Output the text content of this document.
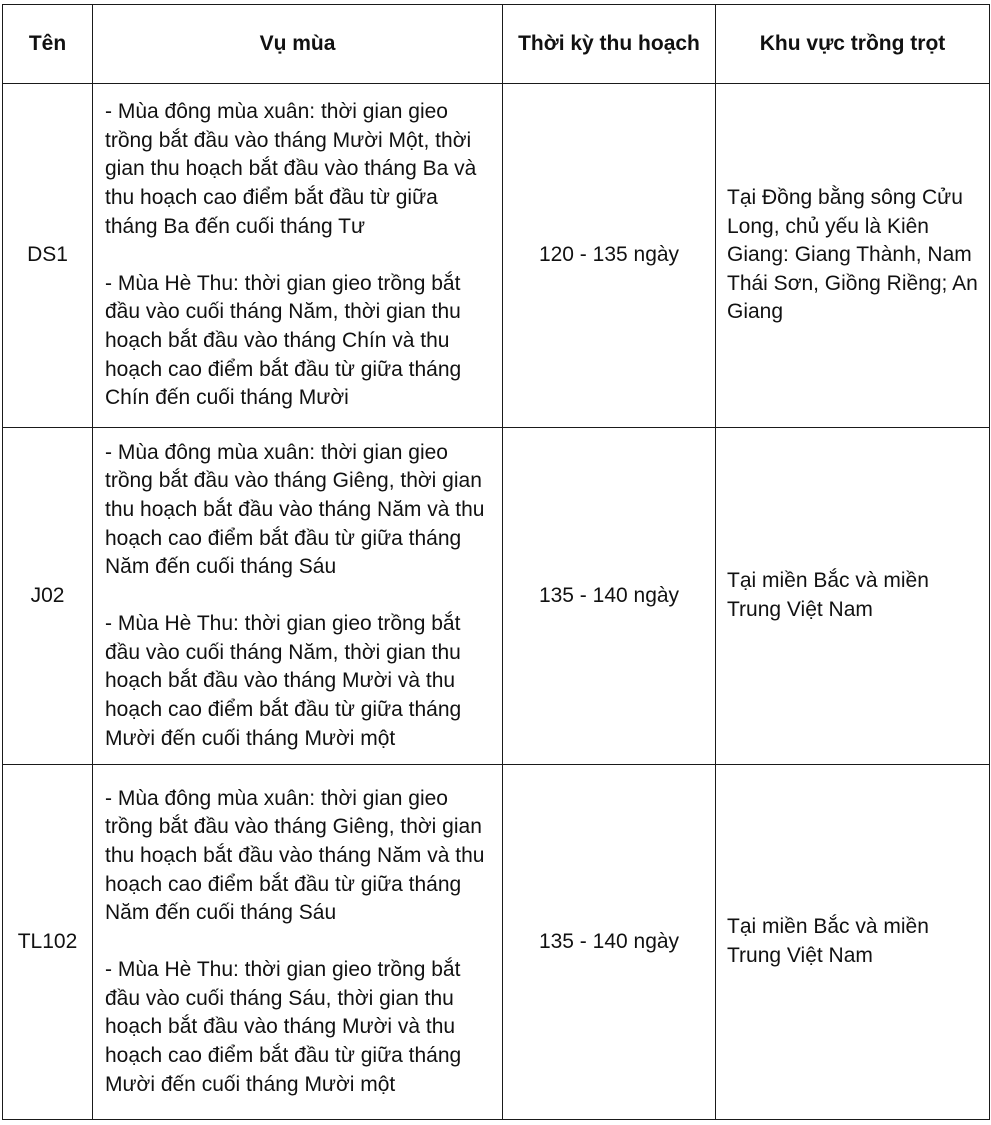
Tên	Vụ mùa	Thời kỳ thu hoạch	Khu vực trồng trọt
DS1	- Mùa đông mùa xuân: thời gian gieo trồng bắt đầu vào tháng Mười Một, thời gian thu hoạch bắt đầu vào tháng Ba và thu hoạch cao điểm bắt đầu từ giữa tháng Ba đến cuối tháng Tư

- Mùa Hè Thu: thời gian gieo trồng bắt đầu vào cuối tháng Năm, thời gian thu hoạch bắt đầu vào tháng Chín và thu hoạch cao điểm bắt đầu từ giữa tháng Chín đến cuối tháng Mười	120 - 135 ngày	Tại Đồng bằng sông Cửu Long, chủ yếu là Kiên Giang: Giang Thành, Nam Thái Sơn, Giồng Riềng; An Giang
J02	- Mùa đông mùa xuân: thời gian gieo trồng bắt đầu vào tháng Giêng, thời gian thu hoạch bắt đầu vào tháng Năm và thu hoạch cao điểm bắt đầu từ giữa tháng Năm đến cuối tháng Sáu

- Mùa Hè Thu: thời gian gieo trồng bắt đầu vào cuối tháng Năm, thời gian thu hoạch bắt đầu vào tháng Mười và thu hoạch cao điểm bắt đầu từ giữa tháng Mười đến cuối tháng Mười một	135 - 140 ngày	Tại miền Bắc và miền Trung Việt Nam
TL102	- Mùa đông mùa xuân: thời gian gieo trồng bắt đầu vào tháng Giêng, thời gian thu hoạch bắt đầu vào tháng Năm và thu hoạch cao điểm bắt đầu từ giữa tháng Năm đến cuối tháng Sáu

- Mùa Hè Thu: thời gian gieo trồng bắt đầu vào cuối tháng Sáu, thời gian thu hoạch bắt đầu vào tháng Mười và thu hoạch cao điểm bắt đầu từ giữa tháng Mười đến cuối tháng Mười một	135 - 140 ngày	Tại miền Bắc và miền Trung Việt Nam
